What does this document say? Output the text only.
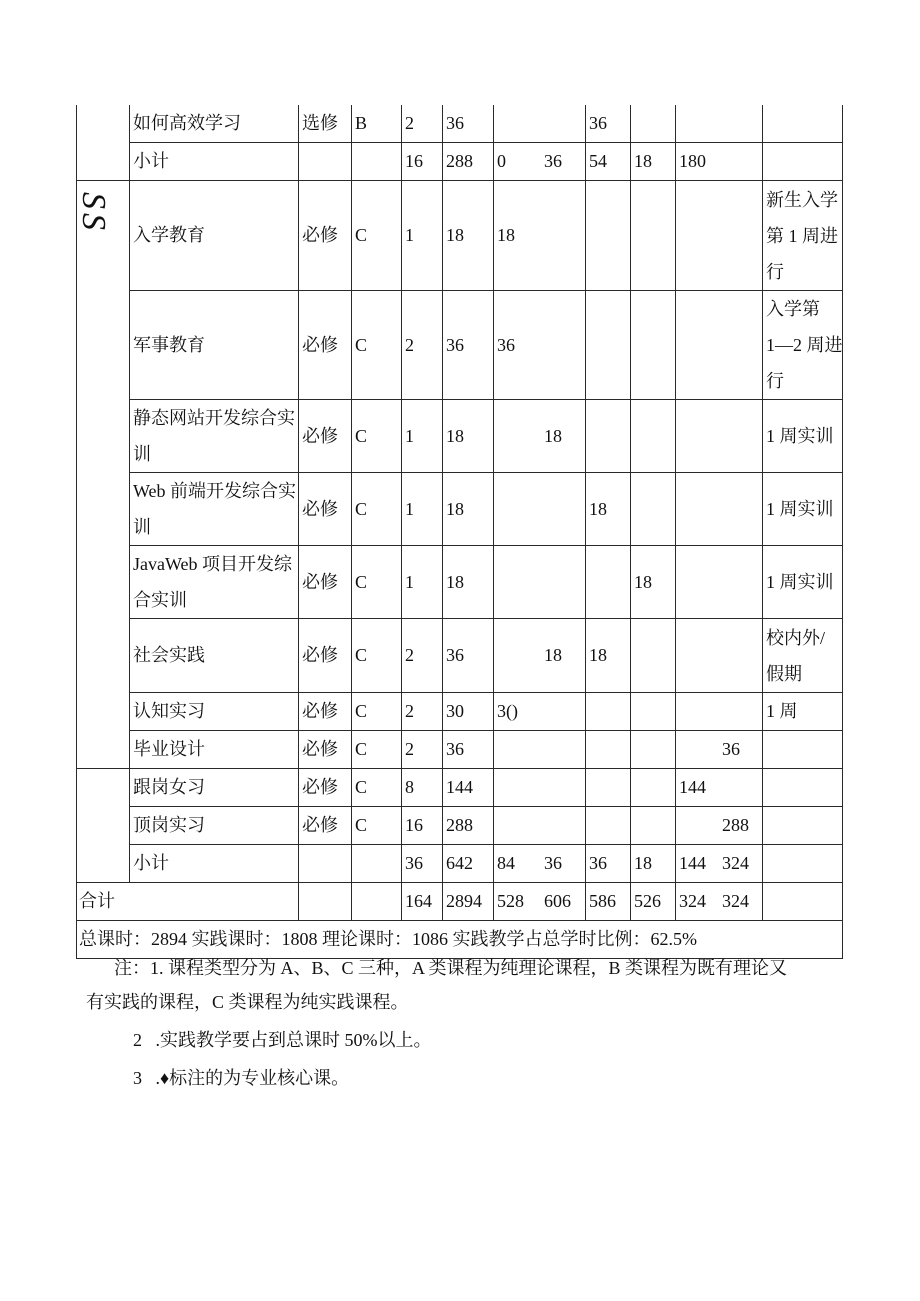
	如何高效学习	选修	B	2	36			36				
	小计			16	288	0	36	54	18	180		

SS	入学教育	必修	C	1	18	18						新生入学
第 1 周进
行
	军事教育	必修	C	2	36	36						入学第
1—2 周进
行
	静态网站开发综合实
训	必修	C	1	18		18					1 周实训
	Web 前端开发综合实
训	必修	C	1	18			18				1 周实训
	JavaWeb 项目开发综
合实训	必修	C	1	18				18			1 周实训
	社会实践	必修	C	2	36		18	18				校内外/
假期
	认知实习	必修	C	2	30	3()						1 周
	毕业设计	必修	C	2	36						36	
	跟岗女习	必修	C	8	144					144		
	顶岗实习	必修	C	16	288						288	
	小计			36	642	84	36	36	18	144	324	
合计				164	2894	528	606	586	526	324	324	
总课时：2894 实践课时：1808 理论课时：1086 实践教学占总学时比例：62.5%												
注：1. 课程类型分为 A、B、C 三种，A 类课程为纯理论课程，B 类课程为既有理论又
有实践的课程，C 类课程为纯实践课程。
2   .实践教学要占到总课时 50%以上。
3   .♦标注的为专业核心课。
